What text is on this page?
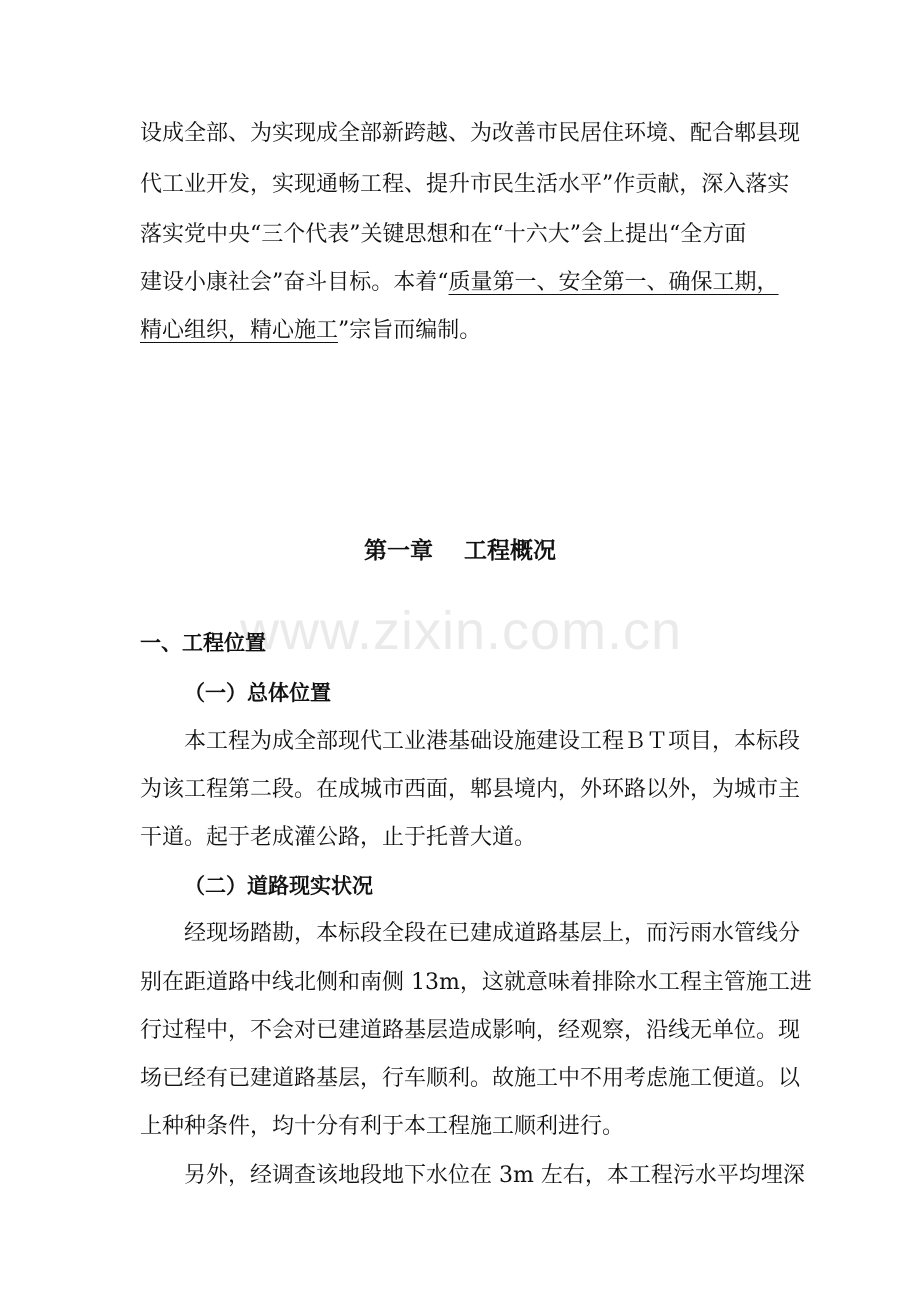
www.zixin.com.cn
设成全部、为实现成全部新跨越、为改善市民居住环境、配合郫县现
代工业开发，实现通畅工程、提升市民生活水平”作贡献，深入落实
落实党中央“三个代表”关键思想和在“十六大”会上提出“全方面
建设小康社会”奋斗目标。本着“质量第一、安全第一、确保工期，
精心组织，精心施工”宗旨而编制。
第一章　 工程概况
一、工程位置
（一）总体位置
本工程为成全部现代工业港基础设施建设工程ＢＴ项目，本标段
为该工程第二段。在成城市西面，郫县境内，外环路以外，为城市主
干道。起于老成灌公路，止于托普大道。
（二）道路现实状况
经现场踏勘，本标段全段在已建成道路基层上，而污雨水管线分
别在距道路中线北侧和南侧 13m，这就意味着排除水工程主管施工进
行过程中，不会对已建道路基层造成影响，经观察，沿线无单位。现
场已经有已建道路基层，行车顺利。故施工中不用考虑施工便道。以
上种种条件，均十分有利于本工程施工顺利进行。
另外，经调查该地段地下水位在 3m 左右，本工程污水平均埋深
